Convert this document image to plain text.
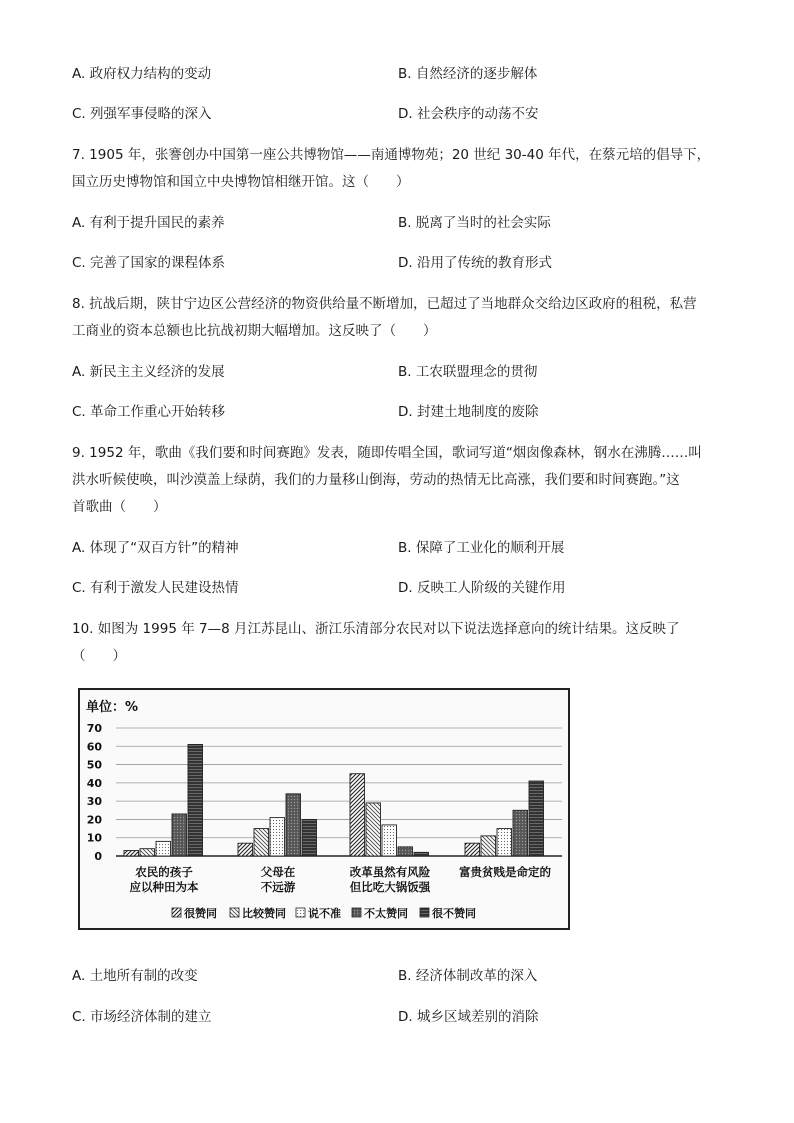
A. 政府权力结构的变动	B. 自然经济的逐步解体
C. 列强军事侵略的深入	D. 社会秩序的动荡不安
7. 1905 年，张謇创办中国第一座公共博物馆——南通博物苑；20 世纪 30-40 年代，在蔡元培的倡导下，
国立历史博物馆和国立中央博物馆相继开馆。这（　　）
A. 有利于提升国民的素养	B. 脱离了当时的社会实际
C. 完善了国家的课程体系	D. 沿用了传统的教育形式
8. 抗战后期，陕甘宁边区公营经济的物资供给量不断增加，已超过了当地群众交给边区政府的租税，私营
工商业的资本总额也比抗战初期大幅增加。这反映了（　　）
A. 新民主主义经济的发展	B. 工农联盟理念的贯彻
C. 革命工作重心开始转移	D. 封建土地制度的废除
9. 1952 年，歌曲《我们要和时间赛跑》发表，随即传唱全国，歌词写道“烟囱像森林，钢水在沸腾……叫
洪水听候使唤，叫沙漠盖上绿荫，我们的力量移山倒海，劳动的热情无比高涨，我们要和时间赛跑。”这
首歌曲（　　）
A. 体现了“双百方针”的精神	B. 保障了工业化的顺利开展
C. 有利于激发人民建设热情	D. 反映工人阶级的关键作用
10. 如图为 1995 年 7—8 月江苏昆山、浙江乐清部分农民对以下说法选择意向的统计结果。这反映了
（　　）
单位：%
0
10
20
30
40
50
60
70
农民的孩子
应以种田为本
父母在
不远游
改革虽然有风险
但比吃大锅饭强
富贵贫贱是命定的
很赞同 比较赞同 说不准 不太赞同 很不赞同
A. 土地所有制的改变	B. 经济体制改革的深入
C. 市场经济体制的建立	D. 城乡区域差别的消除
